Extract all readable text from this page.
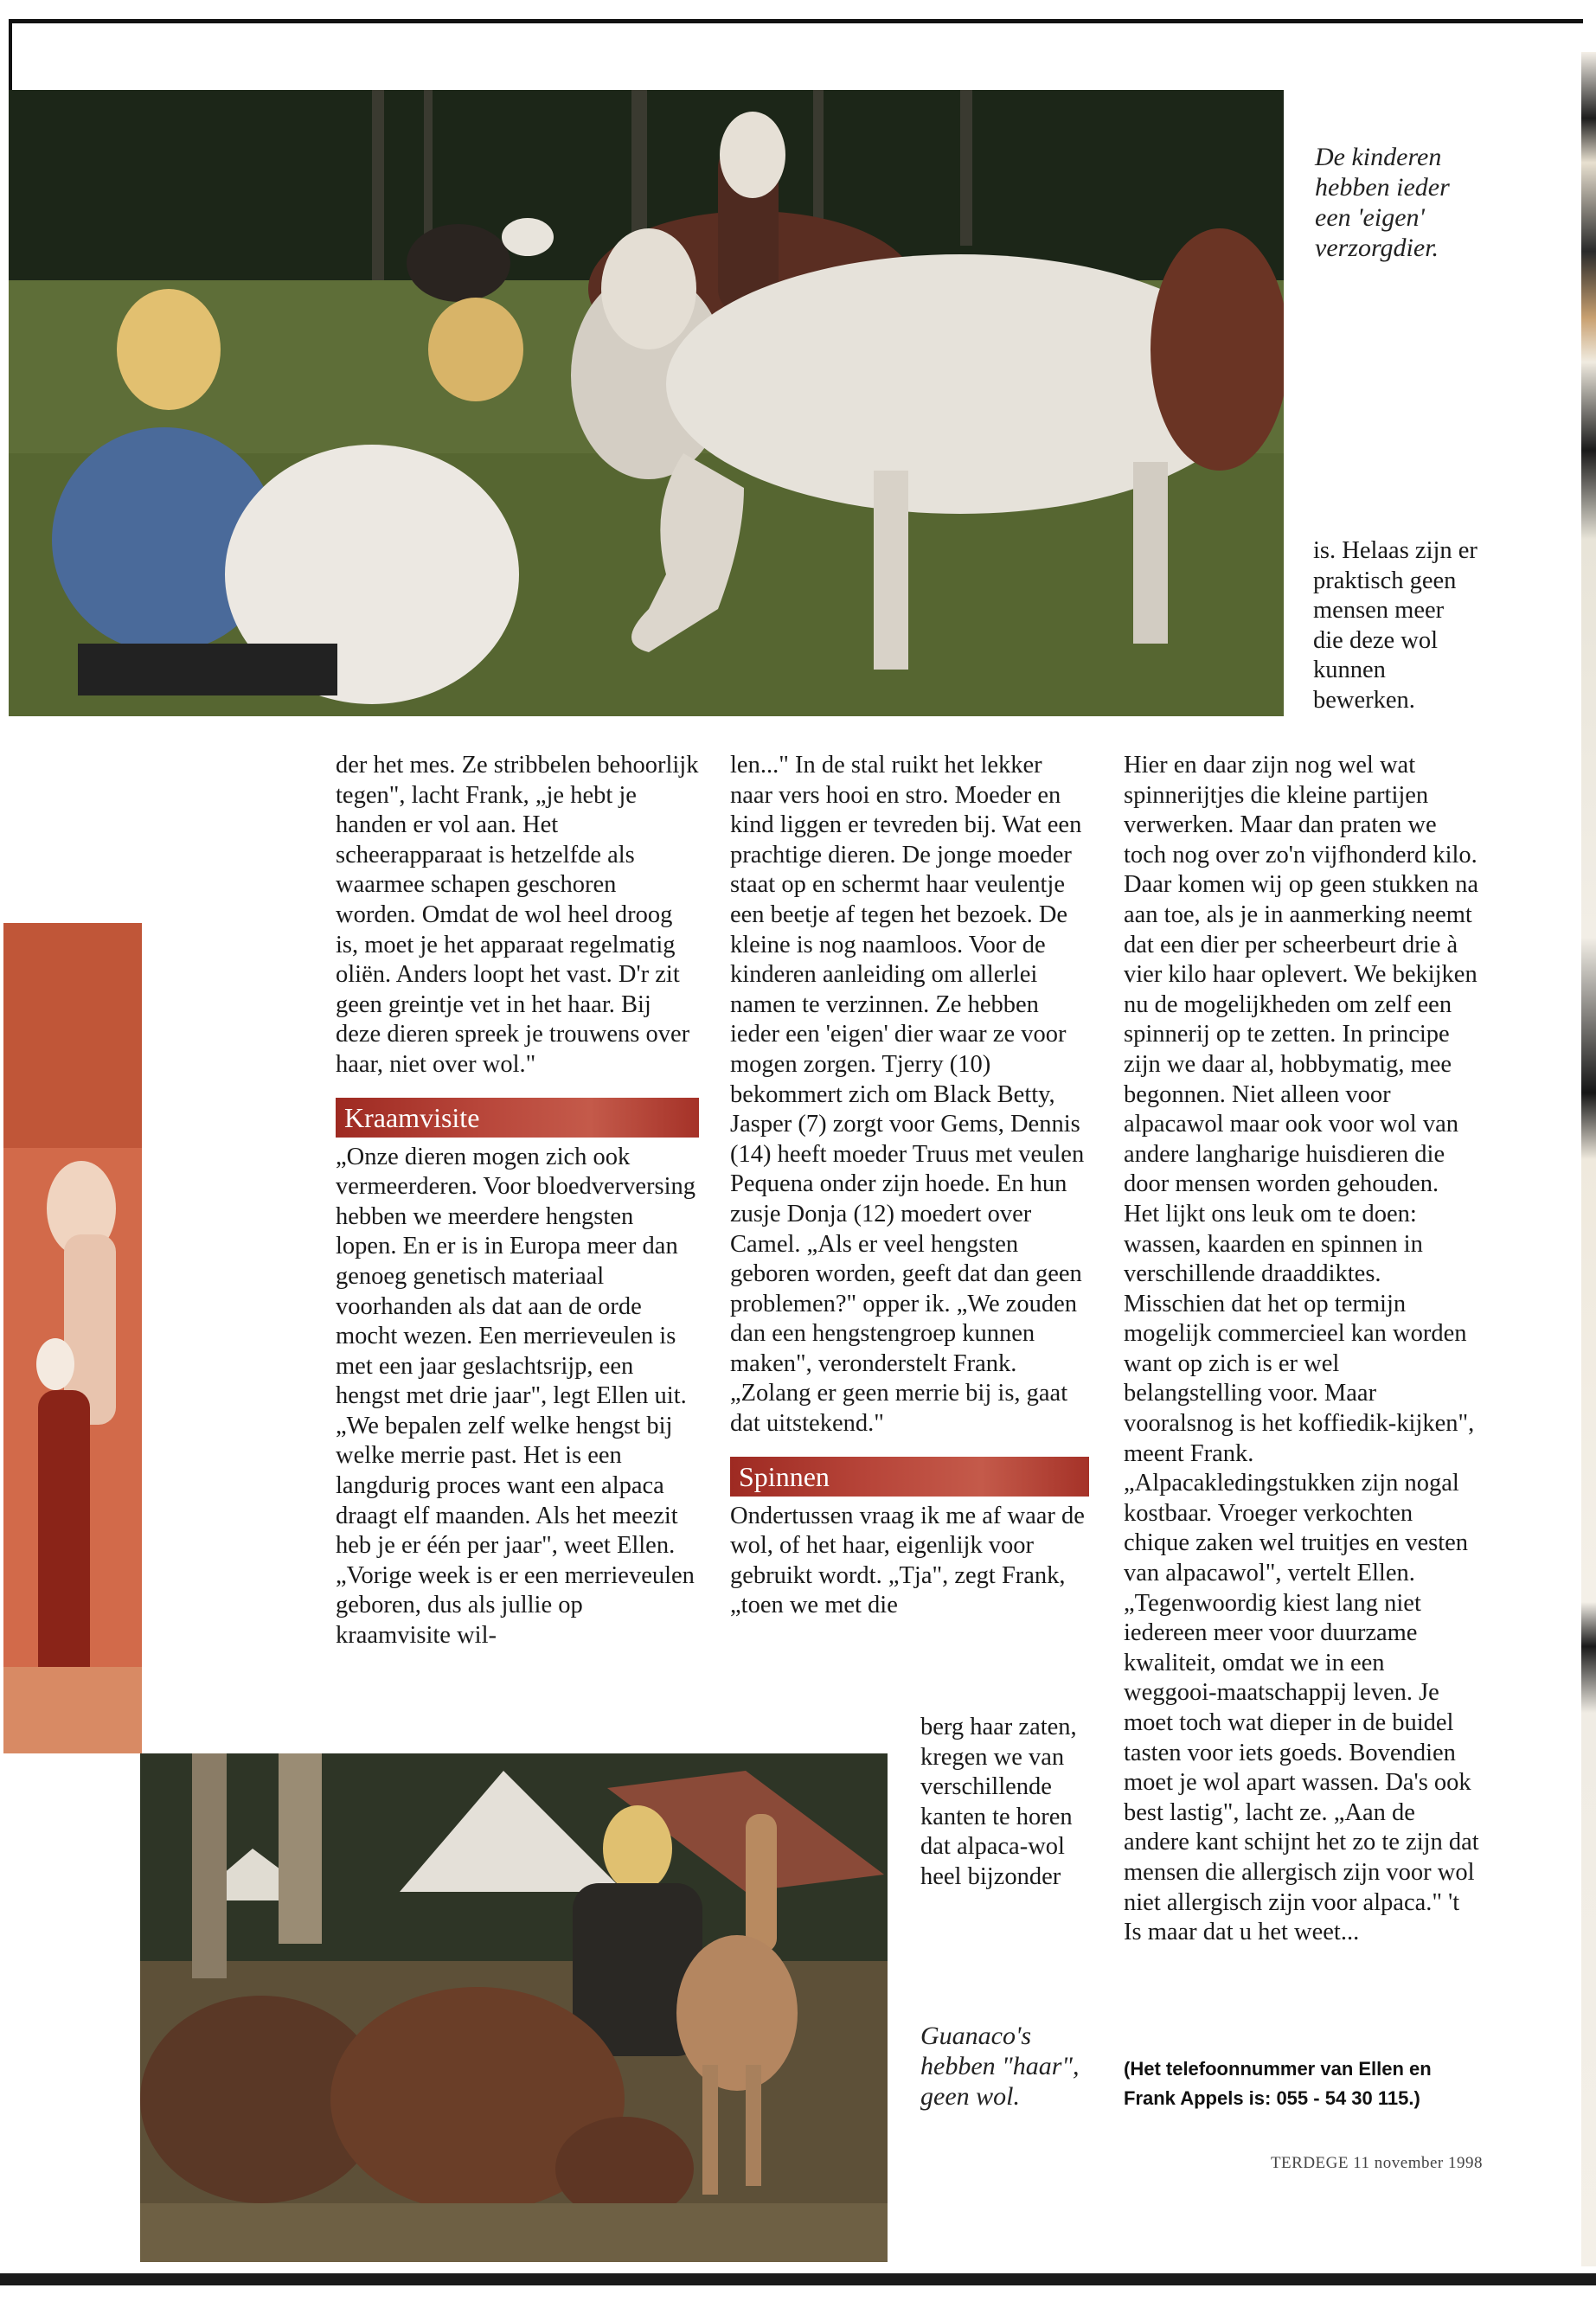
De kinderen hebben ieder een 'eigen' verzorgdier.
is. Helaas zijn er praktisch geen mensen meer die deze wol kunnen bewerken.

der het mes. Ze stribbelen behoorlijk tegen", lacht Frank, „je hebt je handen er vol aan. Het scheerapparaat is hetzelfde als waarmee schapen geschoren worden. Omdat de wol heel droog is, moet je het apparaat regelmatig oliën. Anders loopt het vast. D'r zit geen greintje vet in het haar. Bij deze dieren spreek je trouwens over haar, niet over wol."

Kraamvisite

„Onze dieren mogen zich ook vermeerderen. Voor bloedverversing hebben we meerdere hengsten lopen. En er is in Europa meer dan genoeg genetisch materiaal voorhanden als dat aan de orde mocht wezen. Een merrieveulen is met een jaar geslachtsrijp, een hengst met drie jaar", legt Ellen uit. „We bepalen zelf welke hengst bij welke merrie past. Het is een langdurig proces want een alpaca draagt elf maanden. Als het meezit heb je er één per jaar", weet Ellen. „Vorige week is er een merrieveulen geboren, dus als jullie op kraamvisite wil-

len..." In de stal ruikt het lekker naar vers hooi en stro. Moeder en kind liggen er tevreden bij. Wat een prachtige dieren. De jonge moeder staat op en schermt haar veulentje een beetje af tegen het bezoek. De kleine is nog naamloos. Voor de kinderen aanleiding om allerlei namen te verzinnen. Ze hebben ieder een 'eigen' dier waar ze voor mogen zorgen. Tjerry (10) bekommert zich om Black Betty, Jasper (7) zorgt voor Gems, Dennis (14) heeft moeder Truus met veulen Pequena onder zijn hoede. En hun zusje Donja (12) moedert over Camel. „Als er veel hengsten geboren worden, geeft dat dan geen problemen?" opper ik. „We zouden dan een hengstengroep kunnen maken", veronderstelt Frank. „Zolang er geen merrie bij is, gaat dat uitstekend."

Spinnen

Ondertussen vraag ik me af waar de wol, of het haar, eigenlijk voor gebruikt wordt. „Tja", zegt Frank, „toen we met die

berg haar zaten, kregen we van verschillende kanten te horen dat alpaca-wol heel bijzonder
Guanaco's hebben "haar", geen wol.

Hier en daar zijn nog wel wat spinnerijtjes die kleine partijen verwerken. Maar dan praten we toch nog over zo'n vijfhonderd kilo. Daar komen wij op geen stukken na aan toe, als je in aanmerking neemt dat een dier per scheerbeurt drie à vier kilo haar oplevert. We bekijken nu de mogelijkheden om zelf een spinnerij op te zetten. In principe zijn we daar al, hobbymatig, mee begonnen. Niet alleen voor alpacawol maar ook voor wol van andere langharige huisdieren die door mensen worden gehouden. Het lijkt ons leuk om te doen: wassen, kaarden en spinnen in verschillende draaddiktes. Misschien dat het op termijn mogelijk commercieel kan worden want op zich is er wel belangstelling voor. Maar vooralsnog is het koffiedik-kijken", meent Frank. „Alpacakledingstukken zijn nogal kostbaar. Vroeger verkochten chique zaken wel truitjes en vesten van alpacawol", vertelt Ellen. „Tegenwoordig kiest lang niet iedereen meer voor duurzame kwaliteit, omdat we in een weggooi-maatschappij leven. Je moet toch wat dieper in de buidel tasten voor iets goeds. Bovendien moet je wol apart wassen. Da's ook best lastig", lacht ze. „Aan de andere kant schijnt het zo te zijn dat mensen die allergisch zijn voor wol niet allergisch zijn voor alpaca." 't Is maar dat u het weet...

(Het telefoonnummer van Ellen en Frank Appels is: 055 - 54 30 115.)
TERDEGE 11 november 1998
